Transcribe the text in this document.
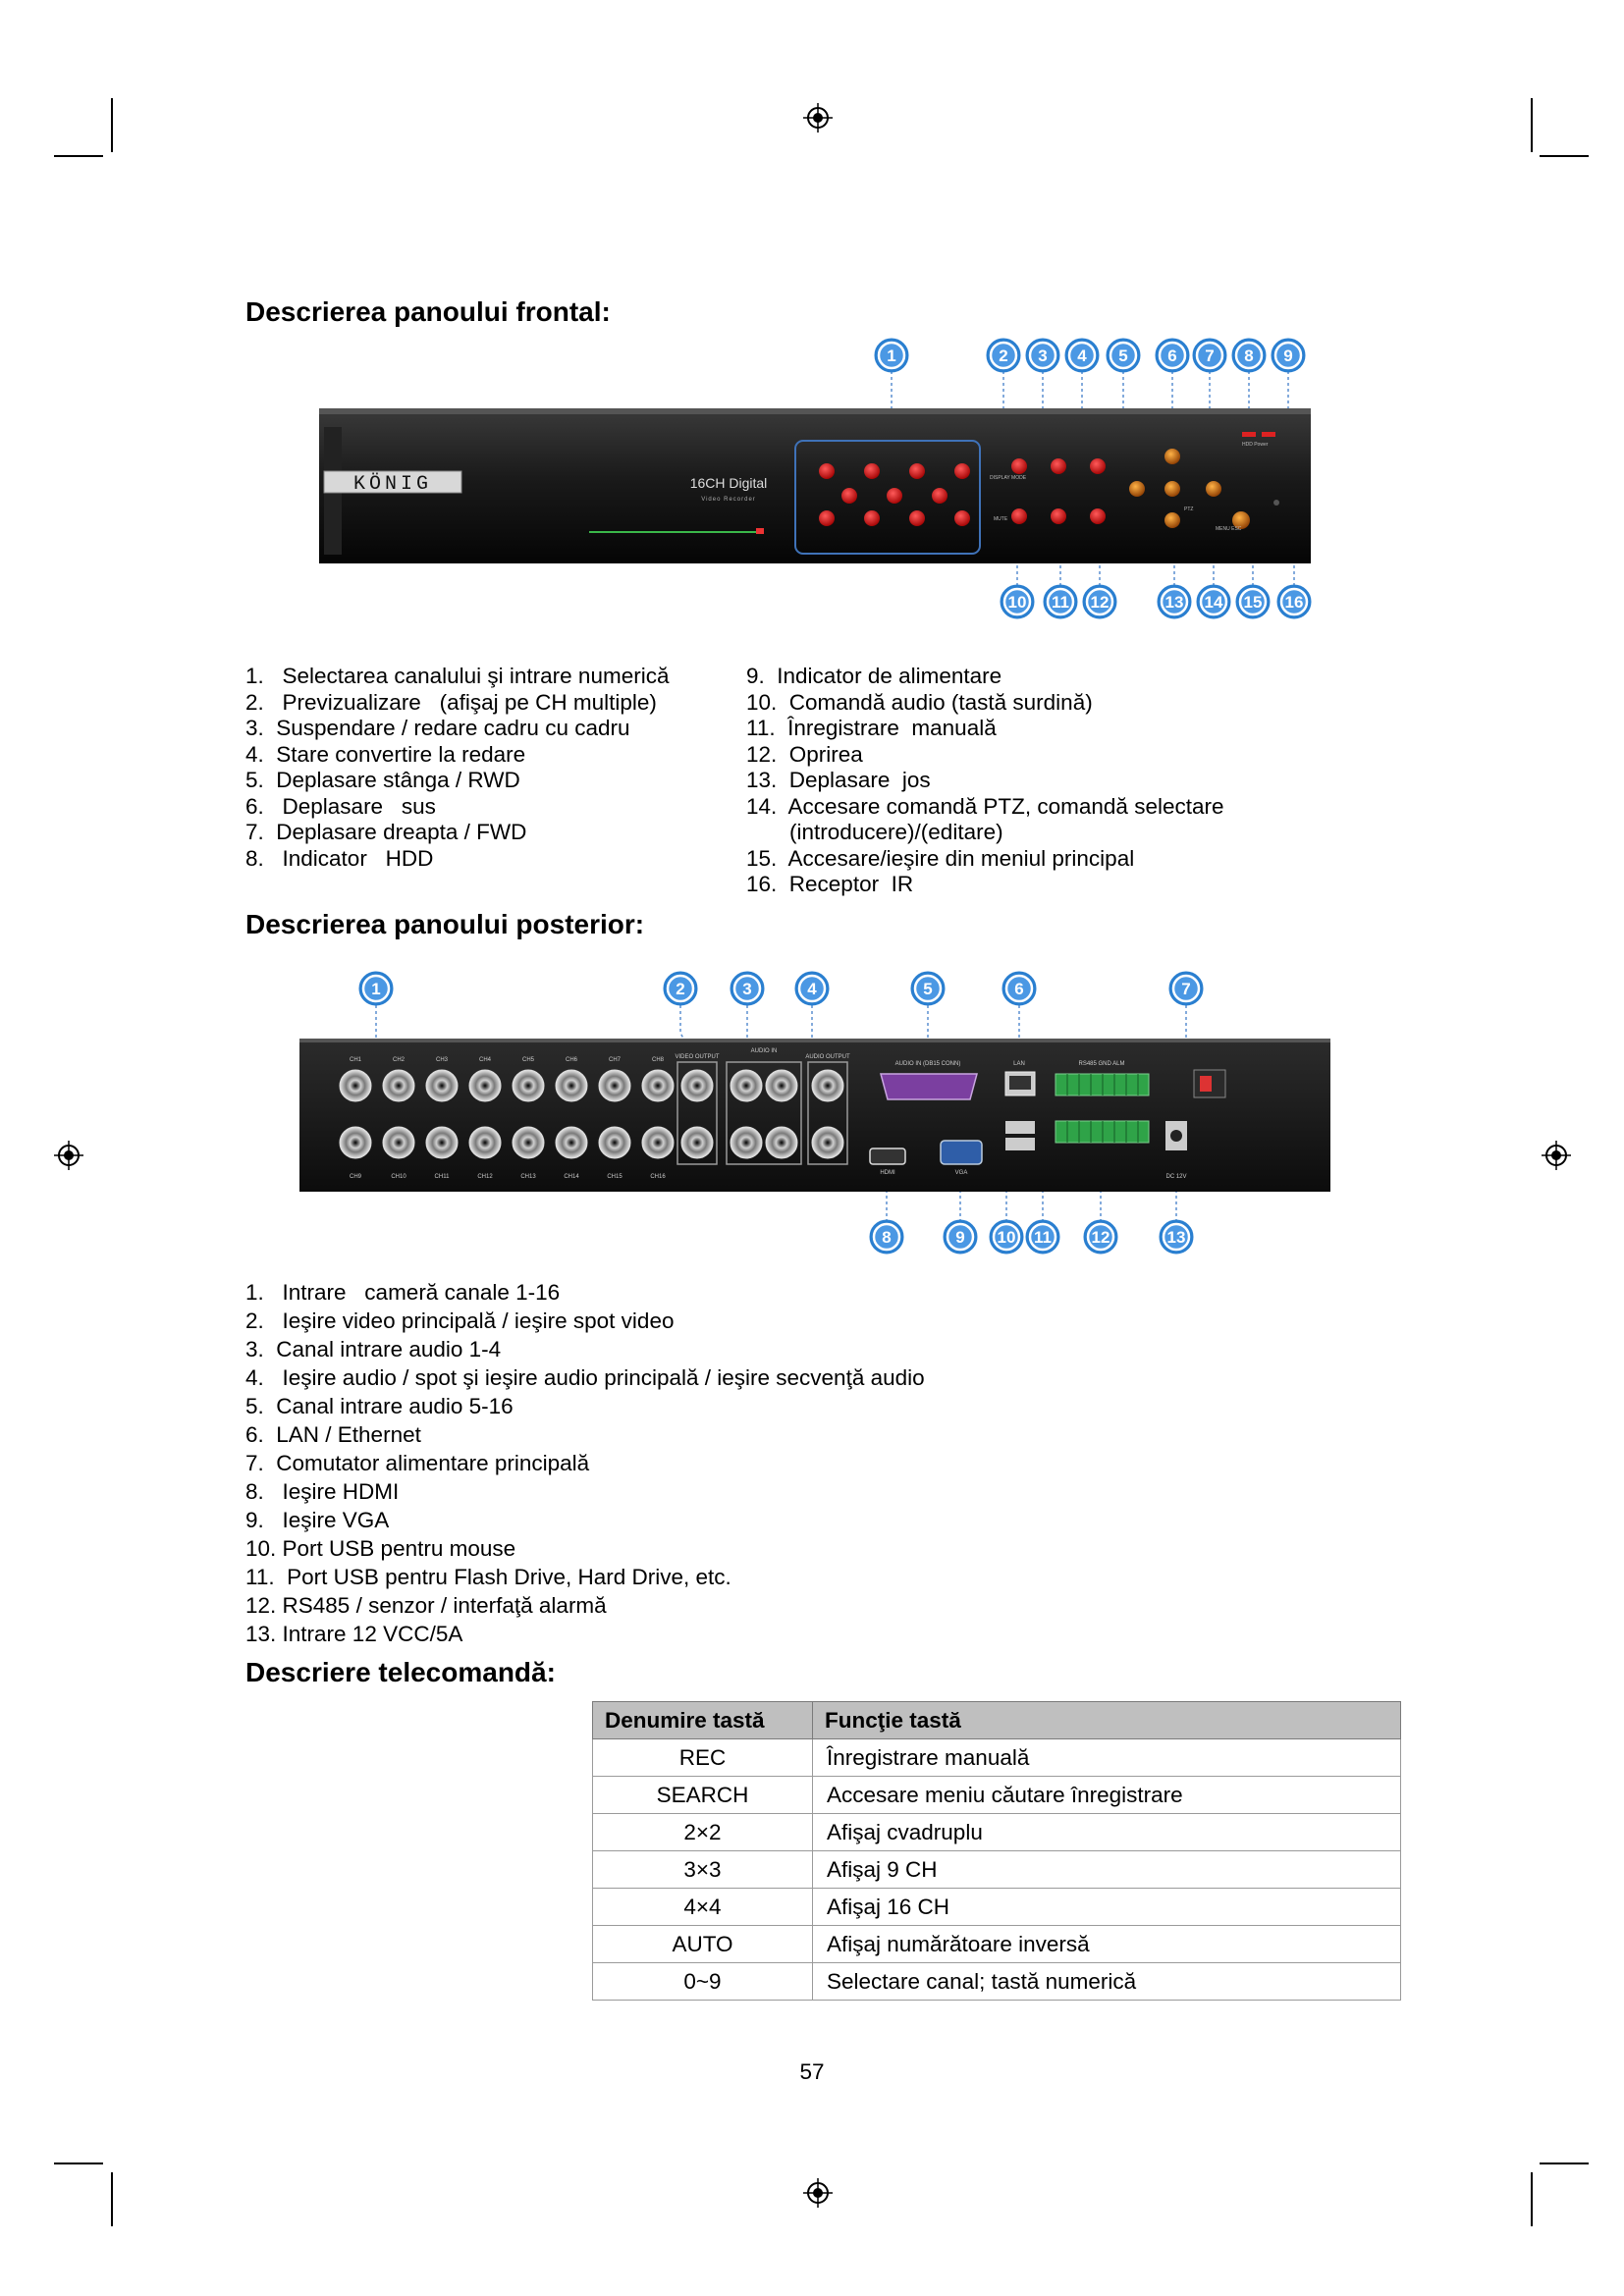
Descrierea panoului frontal:
KÖNIG	16CH Digital
Video Recorder
DISPLAY MODE
MUTE
PTZ
MENU ESC
HDD Power
1	2 3 4 5 6 7 8 9
10 11 12	13 14 15 16
1.   Selectarea canalului şi intrare numerică
2.   Previzualizare   (afişaj pe CH multiple)
3.  Suspendare / redare cadru cu cadru
4.  Stare convertire la redare
5.  Deplasare stânga / RWD
6.   Deplasare   sus
7.  Deplasare dreapta / FWD
8.   Indicator   HDD
9.  Indicator de alimentare
10.  Comandă audio (tastă surdină)
11.  Înregistrare  manuală
12.  Oprirea
13.  Deplasare  jos
14.  Accesare comandă PTZ, comandă selectare
(introducere)/(editare)
15.  Accesare/ieşire din meniul principal
16.  Receptor  IR
Descrierea panoului posterior:
CH1	CH2	CH3	CH4	CH5	CH6	CH7	CH8
CH9	CH10	CH11	CH12	CH13	CH14	CH15	CH16
VIDEO OUTPUT
AUDIO IN
AUDIO OUTPUT
AUDIO IN (DB15 CONN)	LAN
HDMI	VGA
DC 12V
RS485 GND ALM
1	2	3	4	5	6	7
8	9 10 11 12	13
1.   Intrare   cameră canale 1-16
2.   Ieşire video principală / ieşire spot video
3.  Canal intrare audio 1-4
4.   Ieşire audio / spot şi ieşire audio principală / ieşire secvenţă audio
5.  Canal intrare audio 5-16
6.  LAN / Ethernet
7.  Comutator alimentare principală
8.   Ieşire HDMI
9.   Ieşire VGA
10. Port USB pentru mouse
11.  Port USB pentru Flash Drive, Hard Drive, etc.
12. RS485 / senzor / interfaţă alarmă
13. Intrare 12 VCC/5A
Descriere telecomandă:
Denumire tastă	Funcţie tastă
REC	Înregistrare manuală
SEARCH	Accesare meniu căutare înregistrare
2×2	Afişaj cvadruplu
3×3	Afişaj 9 CH
4×4	Afişaj 16 CH
AUTO	Afişaj numărătoare inversă
0~9	Selectare canal; tastă numerică
57
